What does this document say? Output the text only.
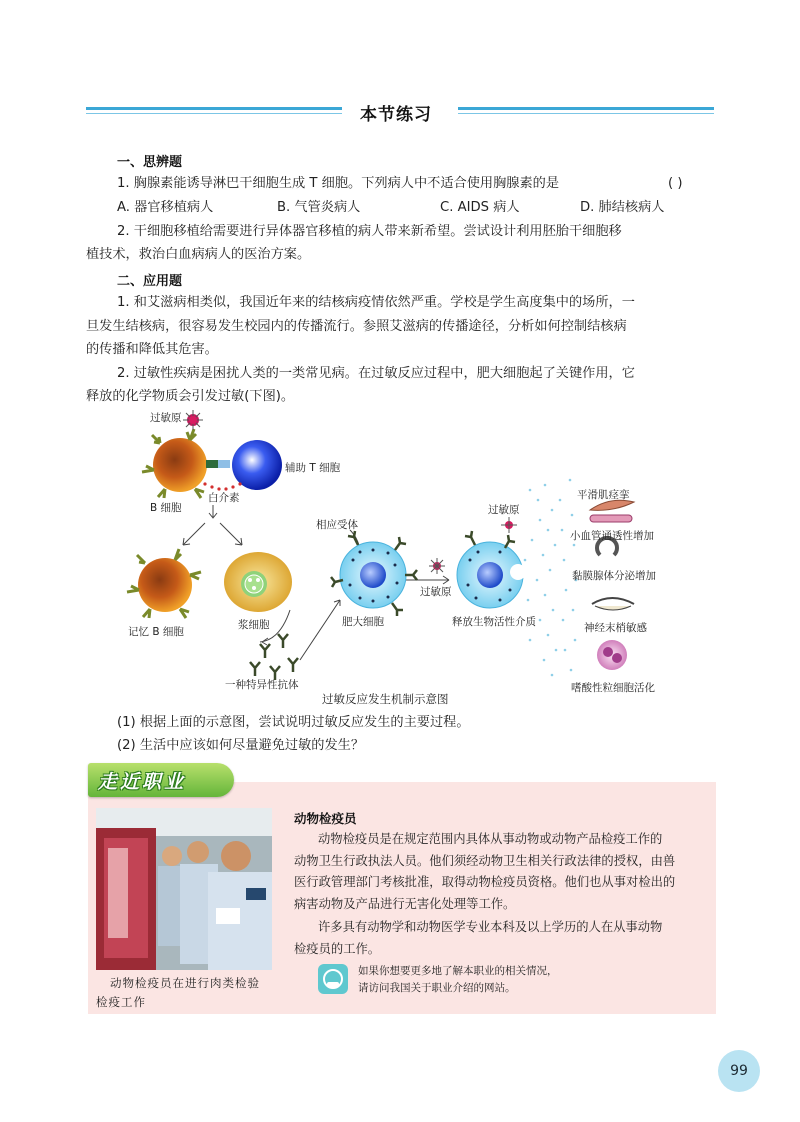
本节练习
一、思辨题
1. 胸腺素能诱导淋巴干细胞生成 T 细胞。下列病人中不适合使用胸腺素的是	( )
A. 器官移植病人	B. 气管炎病人	C. AIDS 病人	D. 肺结核病人
2. 干细胞移植给需要进行异体器官移植的病人带来新希望。尝试设计利用胚胎干细胞移
植技术，救治白血病病人的医治方案。
二、应用题
1. 和艾滋病相类似，我国近年来的结核病疫情依然严重。学校是学生高度集中的场所，一
旦发生结核病，很容易发生校园内的传播流行。参照艾滋病的传播途径，分析如何控制结核病
的传播和降低其危害。
2. 过敏性疾病是困扰人类的一类常见病。在过敏反应过程中，肥大细胞起了关键作用，它
释放的化学物质会引发过敏(下图)。
过敏原
辅助 T 细胞
白介素
B 细胞
记忆 B 细胞
浆细胞
一种特异性抗体
相应受体
肥大细胞
过敏原
过敏原
释放生物活性介质
平滑肌痉挛
小血管通透性增加
黏膜腺体分泌增加
神经末梢敏感
嗜酸性粒细胞活化
过敏反应发生机制示意图
(1) 根据上面的示意图，尝试说明过敏反应发生的主要过程。
(2) 生活中应该如何尽量避免过敏的发生？
走近职业
动物检疫员在进行肉类检验
检疫工作
动物检疫员
动物检疫员是在规定范围内具体从事动物或动物产品检疫工作的
动物卫生行政执法人员。他们须经动物卫生相关行政法律的授权，由兽
医行政管理部门考核批准，取得动物检疫员资格。他们也从事对检出的
病害动物及产品进行无害化处理等工作。
许多具有动物学和动物医学专业本科及以上学历的人在从事动物
检疫员的工作。
如果你想要更多地了解本职业的相关情况，
请访问我国关于职业介绍的网站。
99
